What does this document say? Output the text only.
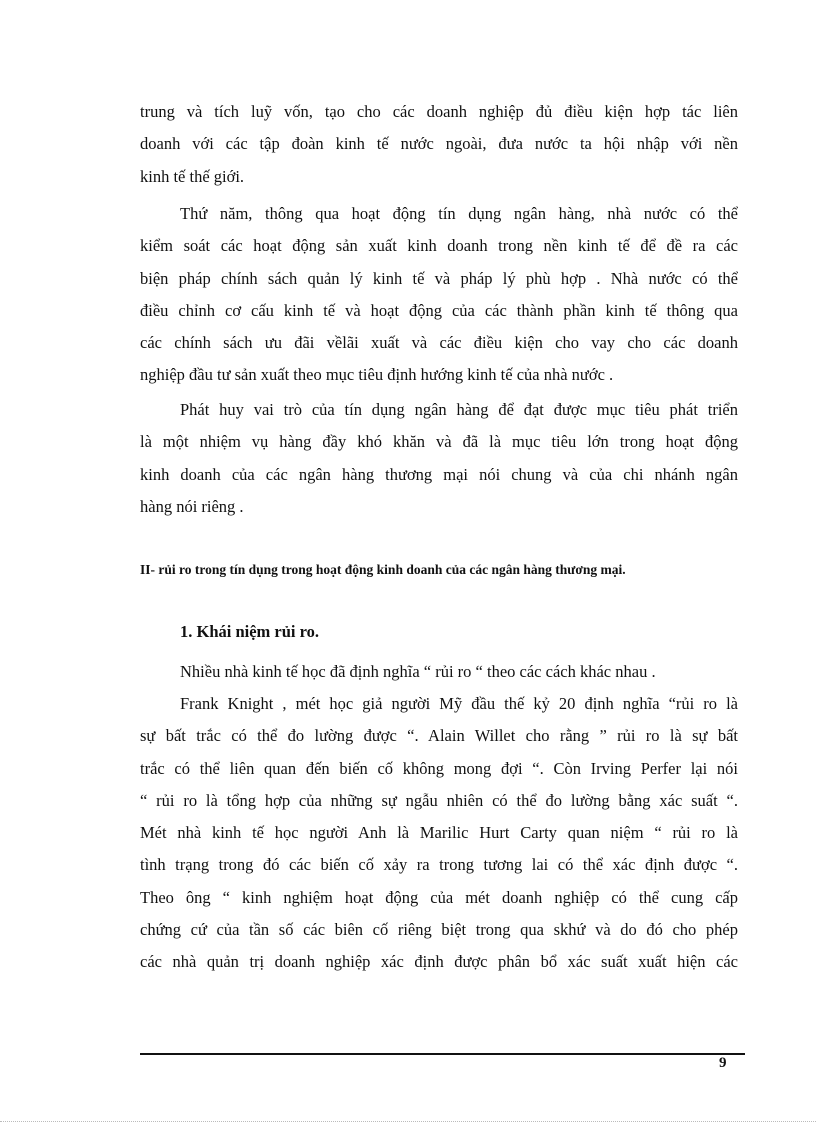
trung và tích luỹ vốn, tạo cho các doanh nghiệp đủ điều kiện hợp tác liên
doanh với các tập đoàn kinh tế nước ngoài, đưa nước ta hội nhập với nền
kinh tế thế giới.
Thứ năm, thông qua hoạt động tín dụng ngân hàng, nhà nước có thể
kiểm soát các hoạt động sản xuất kinh doanh trong nền kinh tế để đề ra các
biện pháp chính sách quản lý kinh tế và pháp lý phù hợp . Nhà nước có thể
điều chỉnh cơ cấu kinh tế và hoạt động của các thành phần kinh tế thông qua
các chính sách ưu đãi vềlãi xuất và các điều kiện cho vay cho các doanh
nghiệp đầu tư sản xuất theo mục tiêu định hướng kinh tế của nhà nước .
Phát huy vai trò của tín dụng ngân hàng để đạt được mục tiêu phát triển
là một nhiệm vụ hàng đầy khó khăn và đã là mục tiêu lớn trong hoạt động
kinh doanh của các ngân hàng thương mại nói chung và của chi nhánh ngân
hàng nói riêng .

II- rủi ro trong tín dụng trong hoạt động kinh doanh của các ngân hàng thương mại.

1. Khái niệm rủi ro.

Nhiều nhà kinh tế học đã định nghĩa “ rủi ro “ theo các cách khác nhau .
Frank Knight , mét học giả người Mỹ đầu thế kỷ 20 định nghĩa “rủi ro là
sự bất trắc có thể đo lường được “. Alain Willet cho rằng ” rủi ro là sự bất
trắc có thể liên quan đến biến cố không mong đợi “. Còn Irving Perfer lại nói
“ rủi ro là tổng hợp của những sự ngẫu nhiên có thể đo lường bằng xác suất “.
Mét nhà kinh tế học người Anh là Marilic Hurt Carty quan niệm “ rủi ro là
tình trạng trong đó các biến cố xảy ra trong tương lai có thể xác định được “.
Theo ông “ kinh nghiệm hoạt động của mét doanh nghiệp có thể cung cấp
chứng cứ của tần số các biên cố riêng biệt trong qua skhứ và do đó cho phép
các nhà quản trị doanh nghiệp xác định được phân bổ xác suất xuất hiện các
9
